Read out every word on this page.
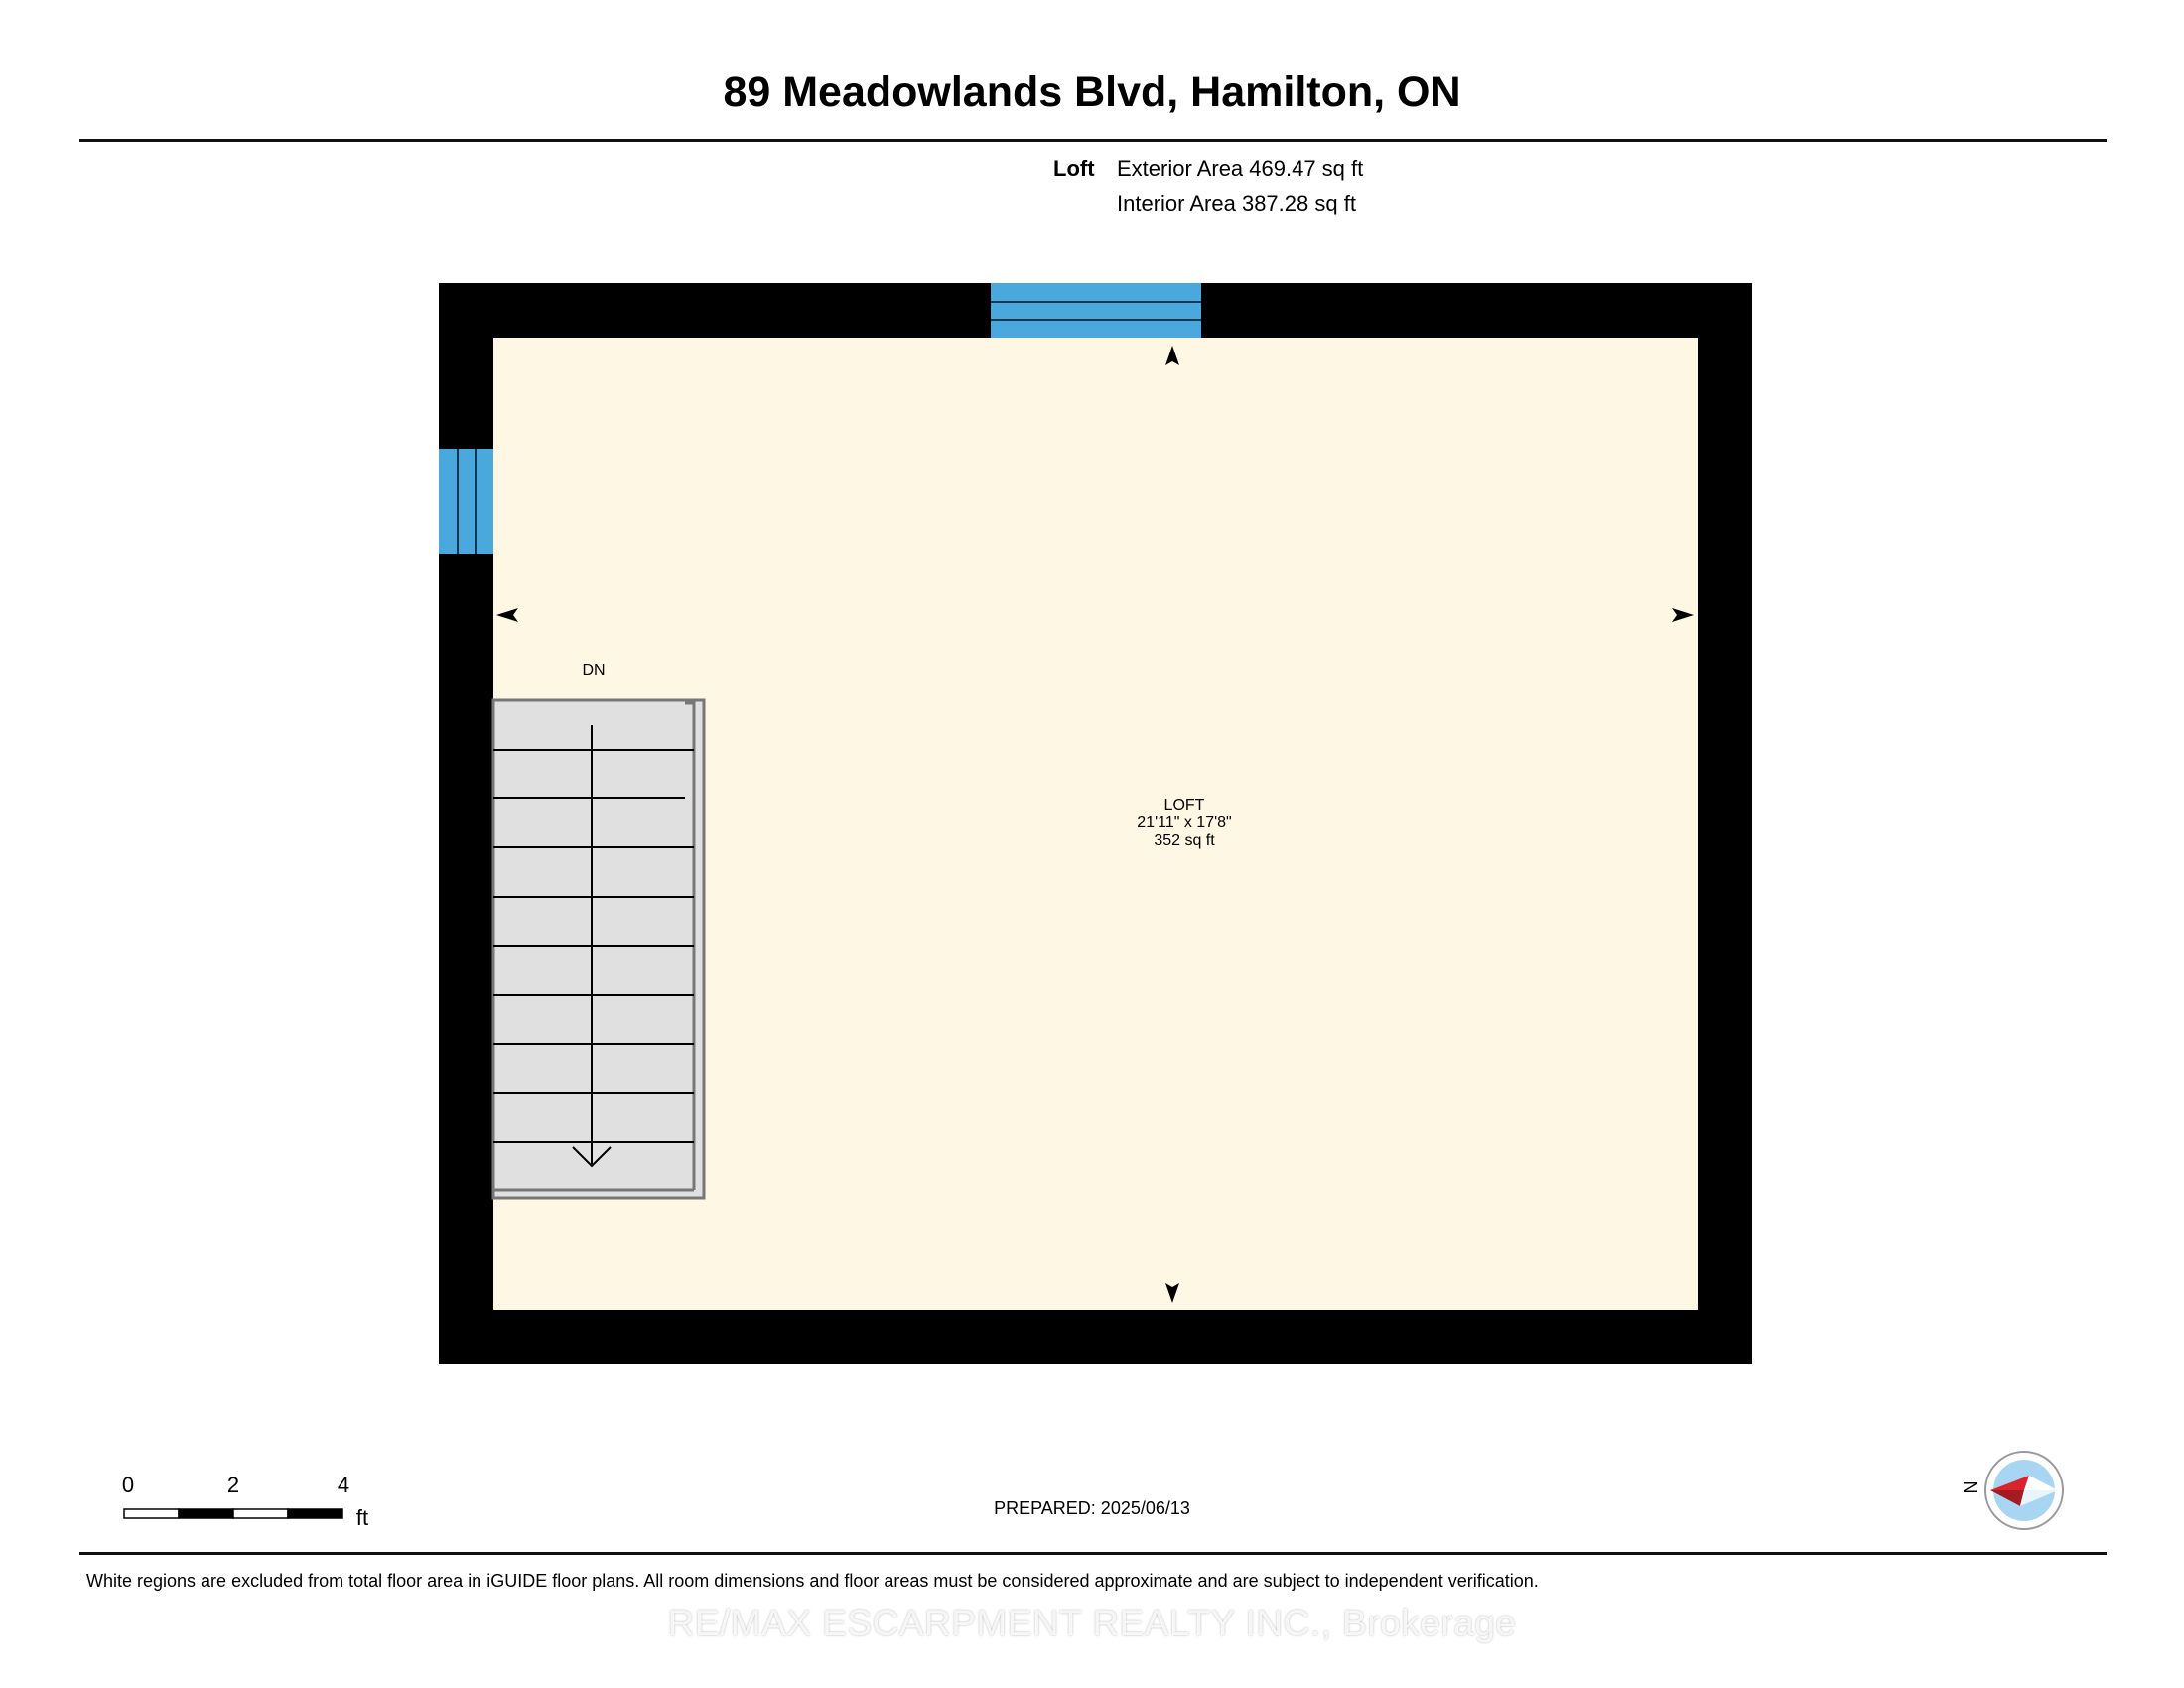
89 Meadowlands Blvd, Hamilton, ON
Loft Exterior Area 469.47 sq ft
Interior Area 387.28 sq ft
DN
LOFT
21'11" x 17'8"
352 sq ft
0	2	4
ft	PREPARED: 2025/06/13
N
White regions are excluded from total floor area in iGUIDE floor plans. All room dimensions and floor areas must be considered approximate and are subject to independent verification.
RE/MAX ESCARPMENT REALTY INC., Brokerage
